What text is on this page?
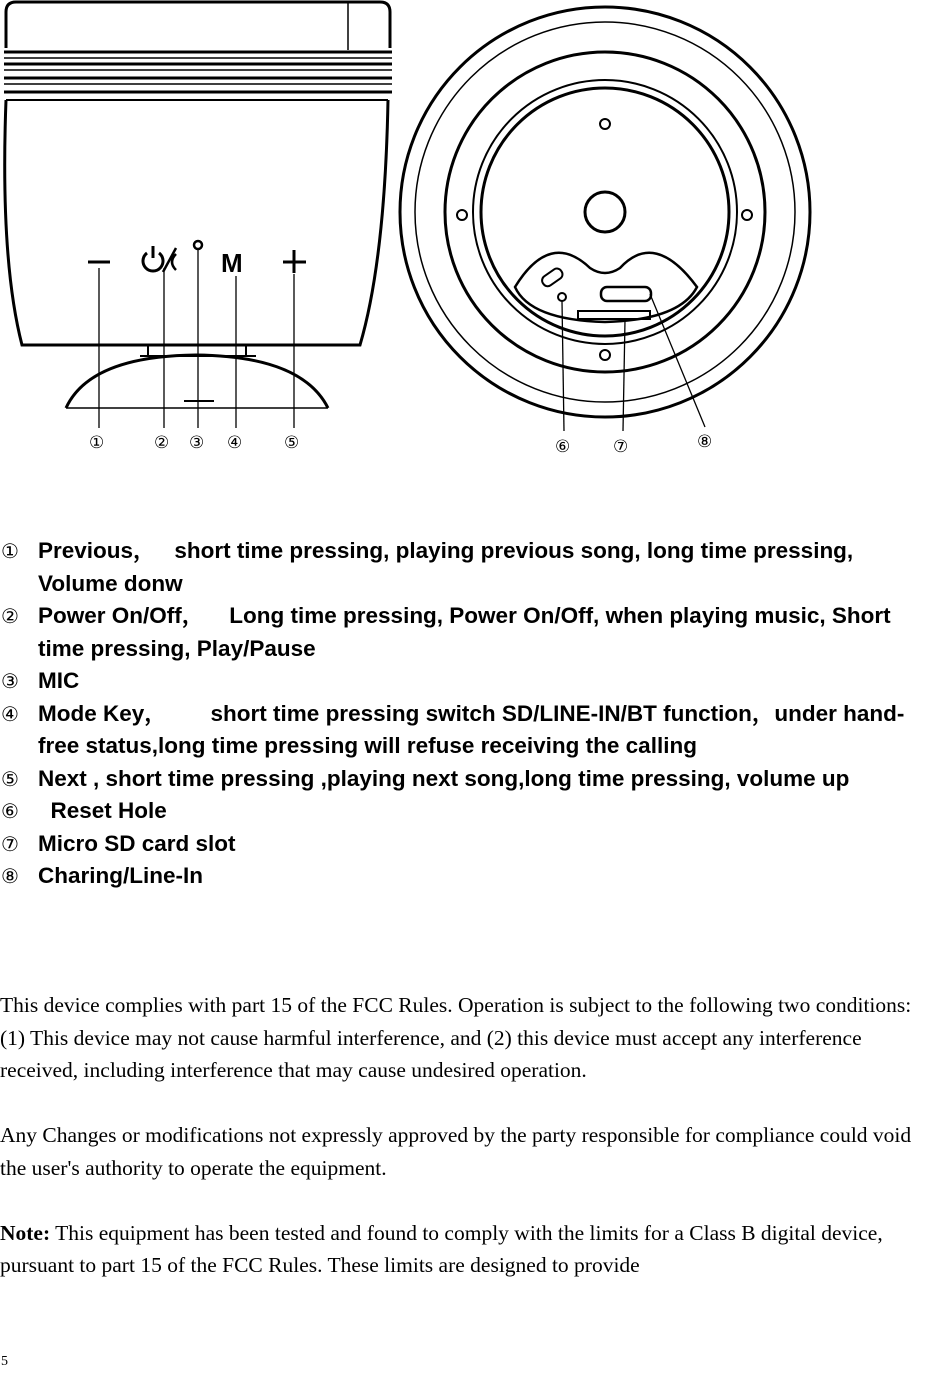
M
①	② ③ ④ ⑤	⑥	⑦	⑧
① Previous， short time pressing, playing previous song, long time pressing, Volume donw
② Power On/Off， Long time pressing, Power On/Off, when playing music, Short time pressing, Play/Pause
③ MIC
④ Mode Key， short time pressing switch SD/LINE-IN/BT function，under hand-free status,long time pressing will refuse receiving the calling
⑤ Next , short time pressing ,playing next song,long time pressing, volume up
⑥ Reset Hole
⑦ Micro SD card slot
⑧ Charing/Line-In

This device complies with part 15 of the FCC Rules. Operation is subject to the following two conditions: (1) This device may not cause harmful interference, and (2) this device must accept any interference received, including interference that may cause undesired operation.

Any Changes or modifications not expressly approved by the party responsible for compliance could void the user's authority to operate the equipment.

Note: This equipment has been tested and found to comply with the limits for a Class B digital device, pursuant to part 15 of the FCC Rules. These limits are designed to provide

5
